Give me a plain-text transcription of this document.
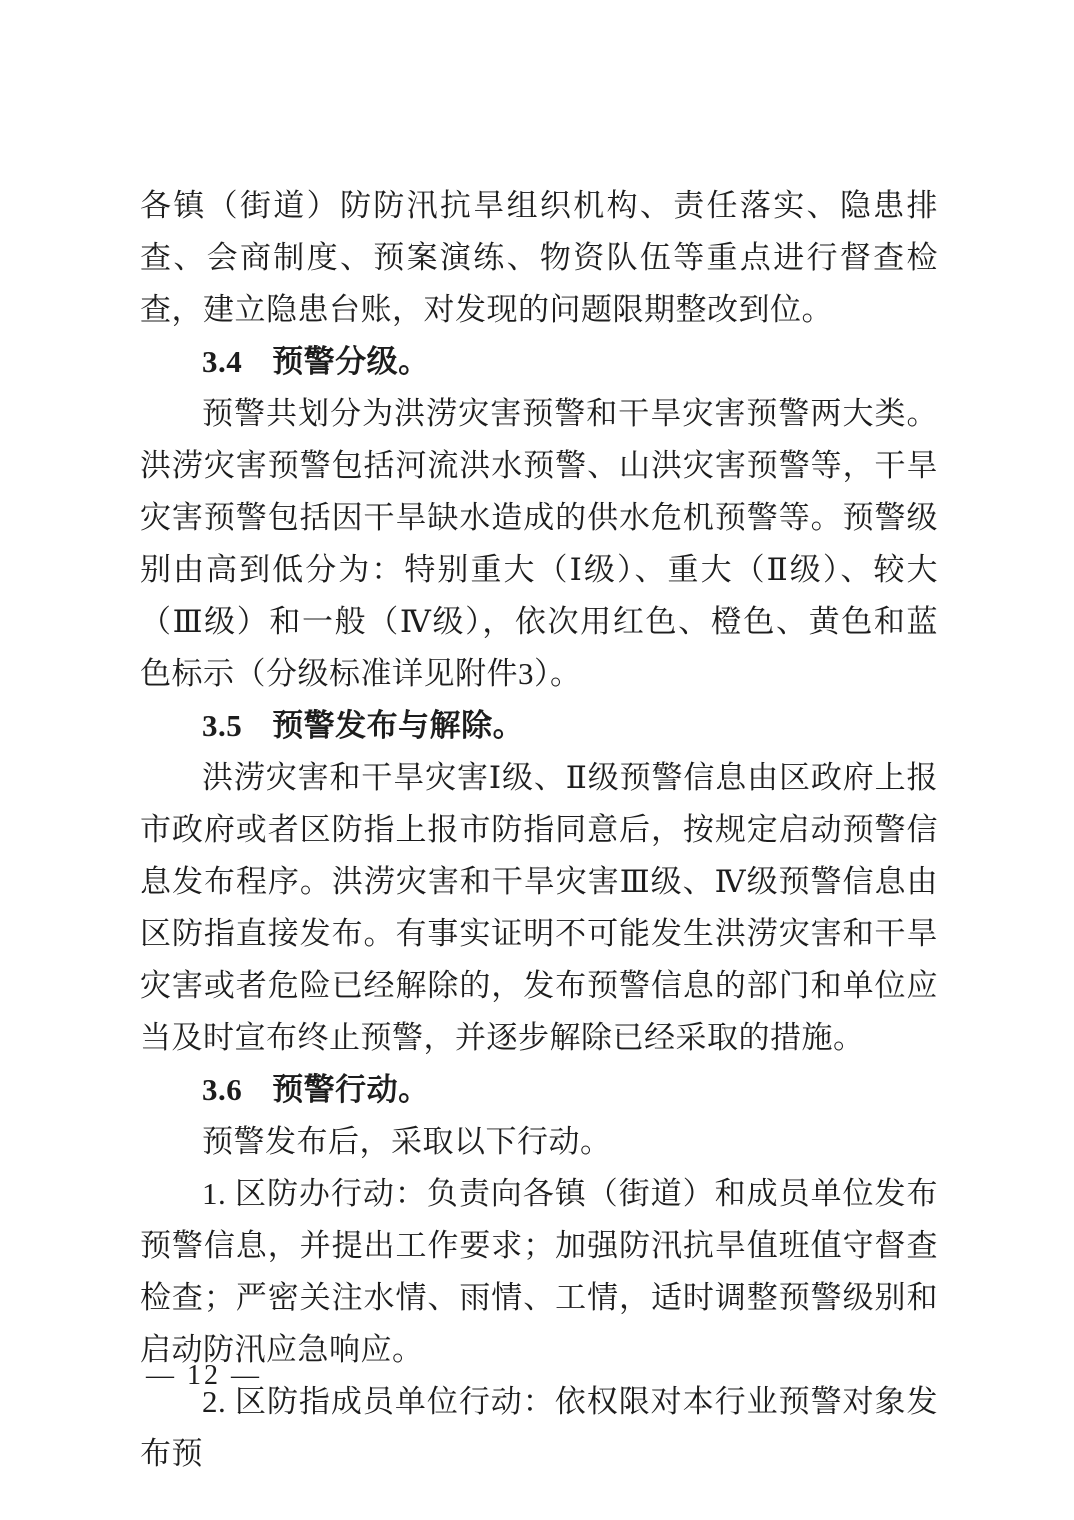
各镇（街道）防防汛抗旱组织机构、责任落实、隐患排查、会商制度、预案演练、物资队伍等重点进行督查检查，建立隐患台账，对发现的问题限期整改到位。

3.4 预警分级。

预警共划分为洪涝灾害预警和干旱灾害预警两大类。洪涝灾害预警包括河流洪水预警、山洪灾害预警等，干旱灾害预警包括因干旱缺水造成的供水危机预警等。预警级别由高到低分为：特别重大（Ⅰ级）、重大（Ⅱ级）、较大（Ⅲ级）和一般（Ⅳ级），依次用红色、橙色、黄色和蓝色标示（分级标准详见附件3）。

3.5 预警发布与解除。

洪涝灾害和干旱灾害Ⅰ级、Ⅱ级预警信息由区政府上报市政府或者区防指上报市防指同意后，按规定启动预警信息发布程序。洪涝灾害和干旱灾害Ⅲ级、Ⅳ级预警信息由区防指直接发布。有事实证明不可能发生洪涝灾害和干旱灾害或者危险已经解除的，发布预警信息的部门和单位应当及时宣布终止预警，并逐步解除已经采取的措施。

3.6 预警行动。

预警发布后，采取以下行动。

1. 区防办行动：负责向各镇（街道）和成员单位发布预警信息，并提出工作要求；加强防汛抗旱值班值守督查检查；严密关注水情、雨情、工情，适时调整预警级别和启动防汛应急响应。

2. 区防指成员单位行动：依权限对本行业预警对象发布预

— 12 —
